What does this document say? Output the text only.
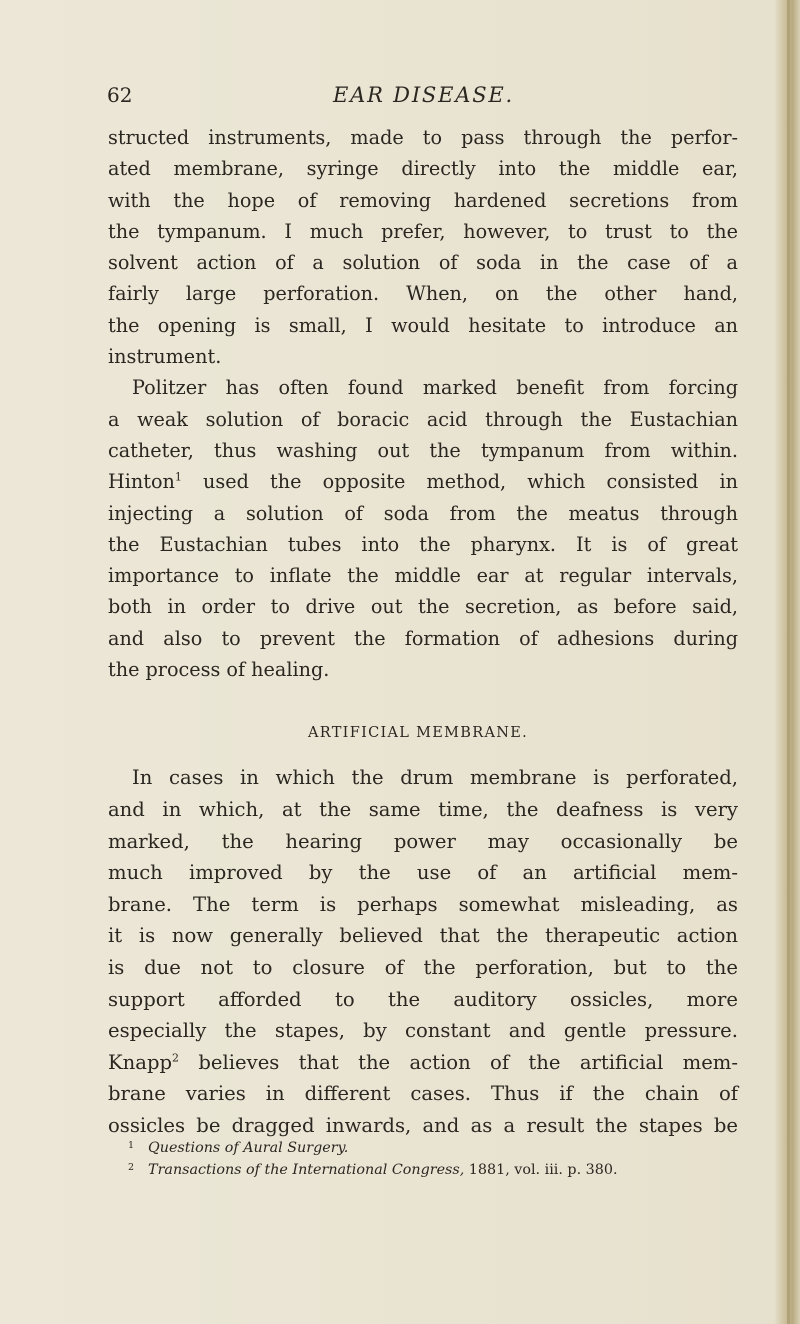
62	EAR DISEASE.
structed instruments, made to pass through the perfor-
ated membrane, syringe directly into the middle ear,
with the hope of removing hardened secretions from
the tympanum. I much prefer, however, to trust to the
solvent action of a solution of soda in the case of a
fairly large perforation. When, on the other hand,
the opening is small, I would hesitate to introduce an
instrument.
Politzer has often found marked benefit from forcing
a weak solution of boracic acid through the Eustachian
catheter, thus washing out the tympanum from within.
Hinton$^1$ used the opposite method, which consisted in
injecting a solution of soda from the meatus through
the Eustachian tubes into the pharynx. It is of great
importance to inflate the middle ear at regular intervals,
both in order to drive out the secretion, as before said,
and also to prevent the formation of adhesions during
the process of healing.
ARTIFICIAL MEMBRANE.
In cases in which the drum membrane is perforated,
and in which, at the same time, the deafness is very
marked, the hearing power may occasionally be
much improved by the use of an artificial mem-
brane. The term is perhaps somewhat misleading, as
it is now generally believed that the therapeutic action
is due not to closure of the perforation, but to the
support afforded to the auditory ossicles, more
especially the stapes, by constant and gentle pressure.
Knapp$^2$ believes that the action of the artificial mem-
brane varies in different cases. Thus if the chain of
ossicles be dragged inwards, and as a result the stapes be
$^1$ Questions of Aural Surgery.
$^2$ Transactions of the International Congress, 1881, vol. iii. p. 380.
